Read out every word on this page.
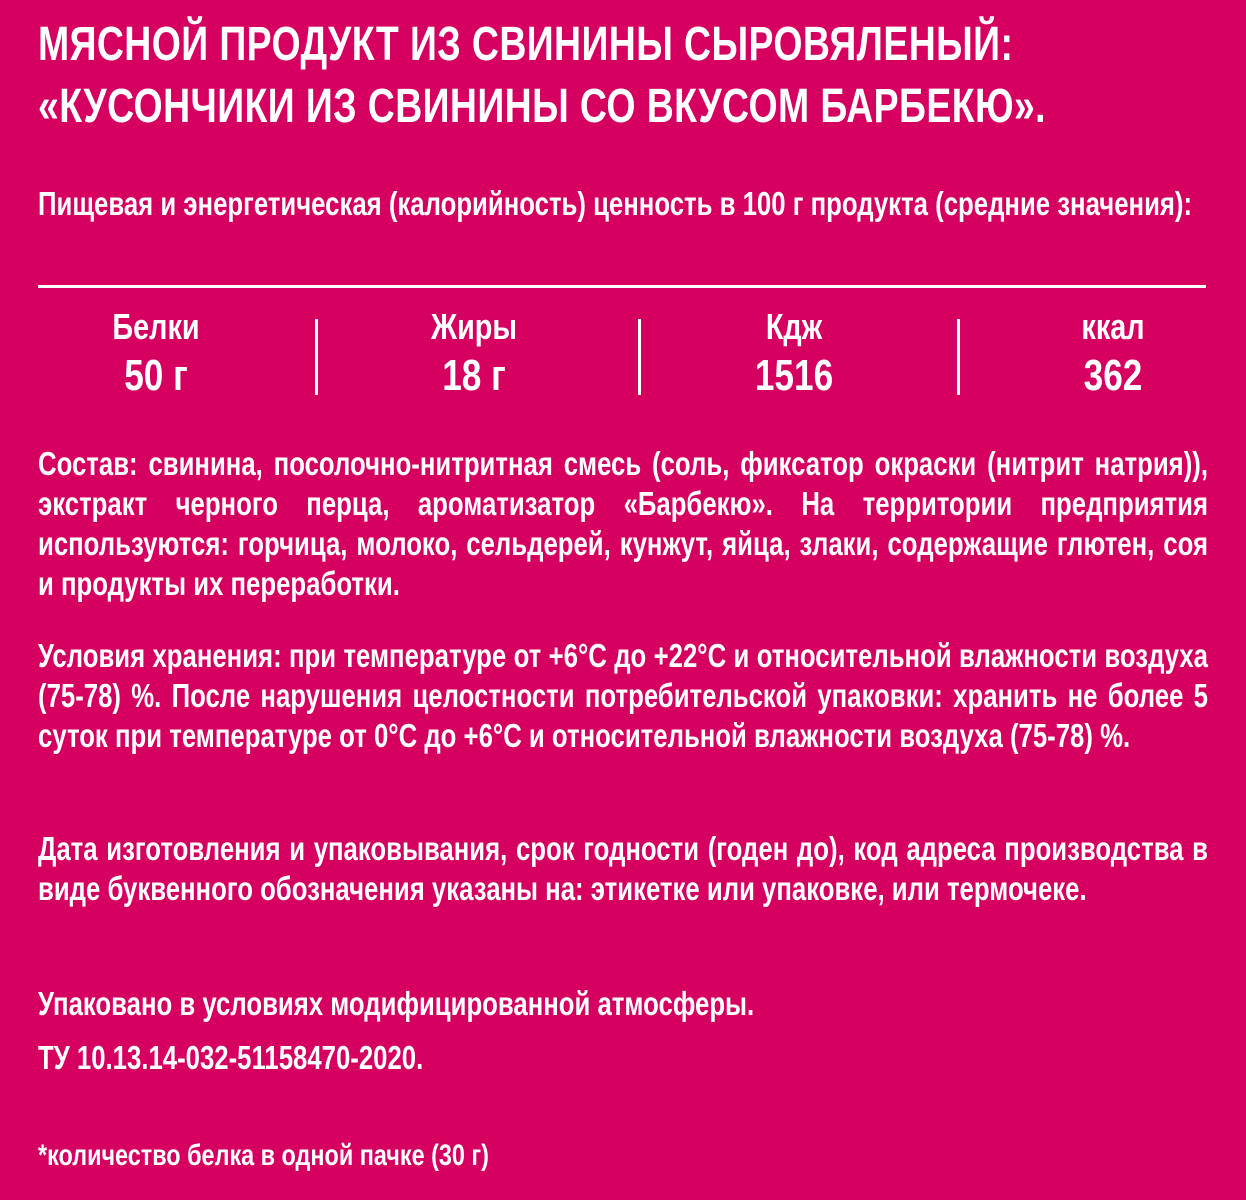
МЯСНОЙ ПРОДУКТ ИЗ СВИНИНЫ СЫРОВЯЛЕНЫЙ:
«КУСОНЧИКИ ИЗ СВИНИНЫ СО ВКУСОМ БАРБЕКЮ».
Пищевая и энергетическая (калорийность) ценность в 100 г продукта (средние значения):
Белки
50 г
Жиры
18 г
Кдж
1516
ккал
362
Состав: свинина, посолочно-нитритная смесь (соль, фиксатор окраски (нитрит натрия)), экстракт черного перца, ароматизатор «Барбекю». На территории предприятия используются: горчица, молоко, сельдерей, кунжут, яйца, злаки, содержащие глютен, соя и продукты их переработки.
Условия хранения: при температуре от +6°С до +22°С и относительной влажности воздуха (75-78) %. После нарушения целостности потребительской упаковки: хранить не более 5 суток при температуре от 0°С до +6°С и относительной влажности воздуха (75-78) %.
Дата изготовления и упаковывания, срок годности (годен до), код адреса производства в виде буквенного обозначения указаны на: этикетке или упаковке, или термочеке.
Упаковано в условиях модифицированной атмосферы.
ТУ 10.13.14-032-51158470-2020.
*количество белка в одной пачке (30 г)
